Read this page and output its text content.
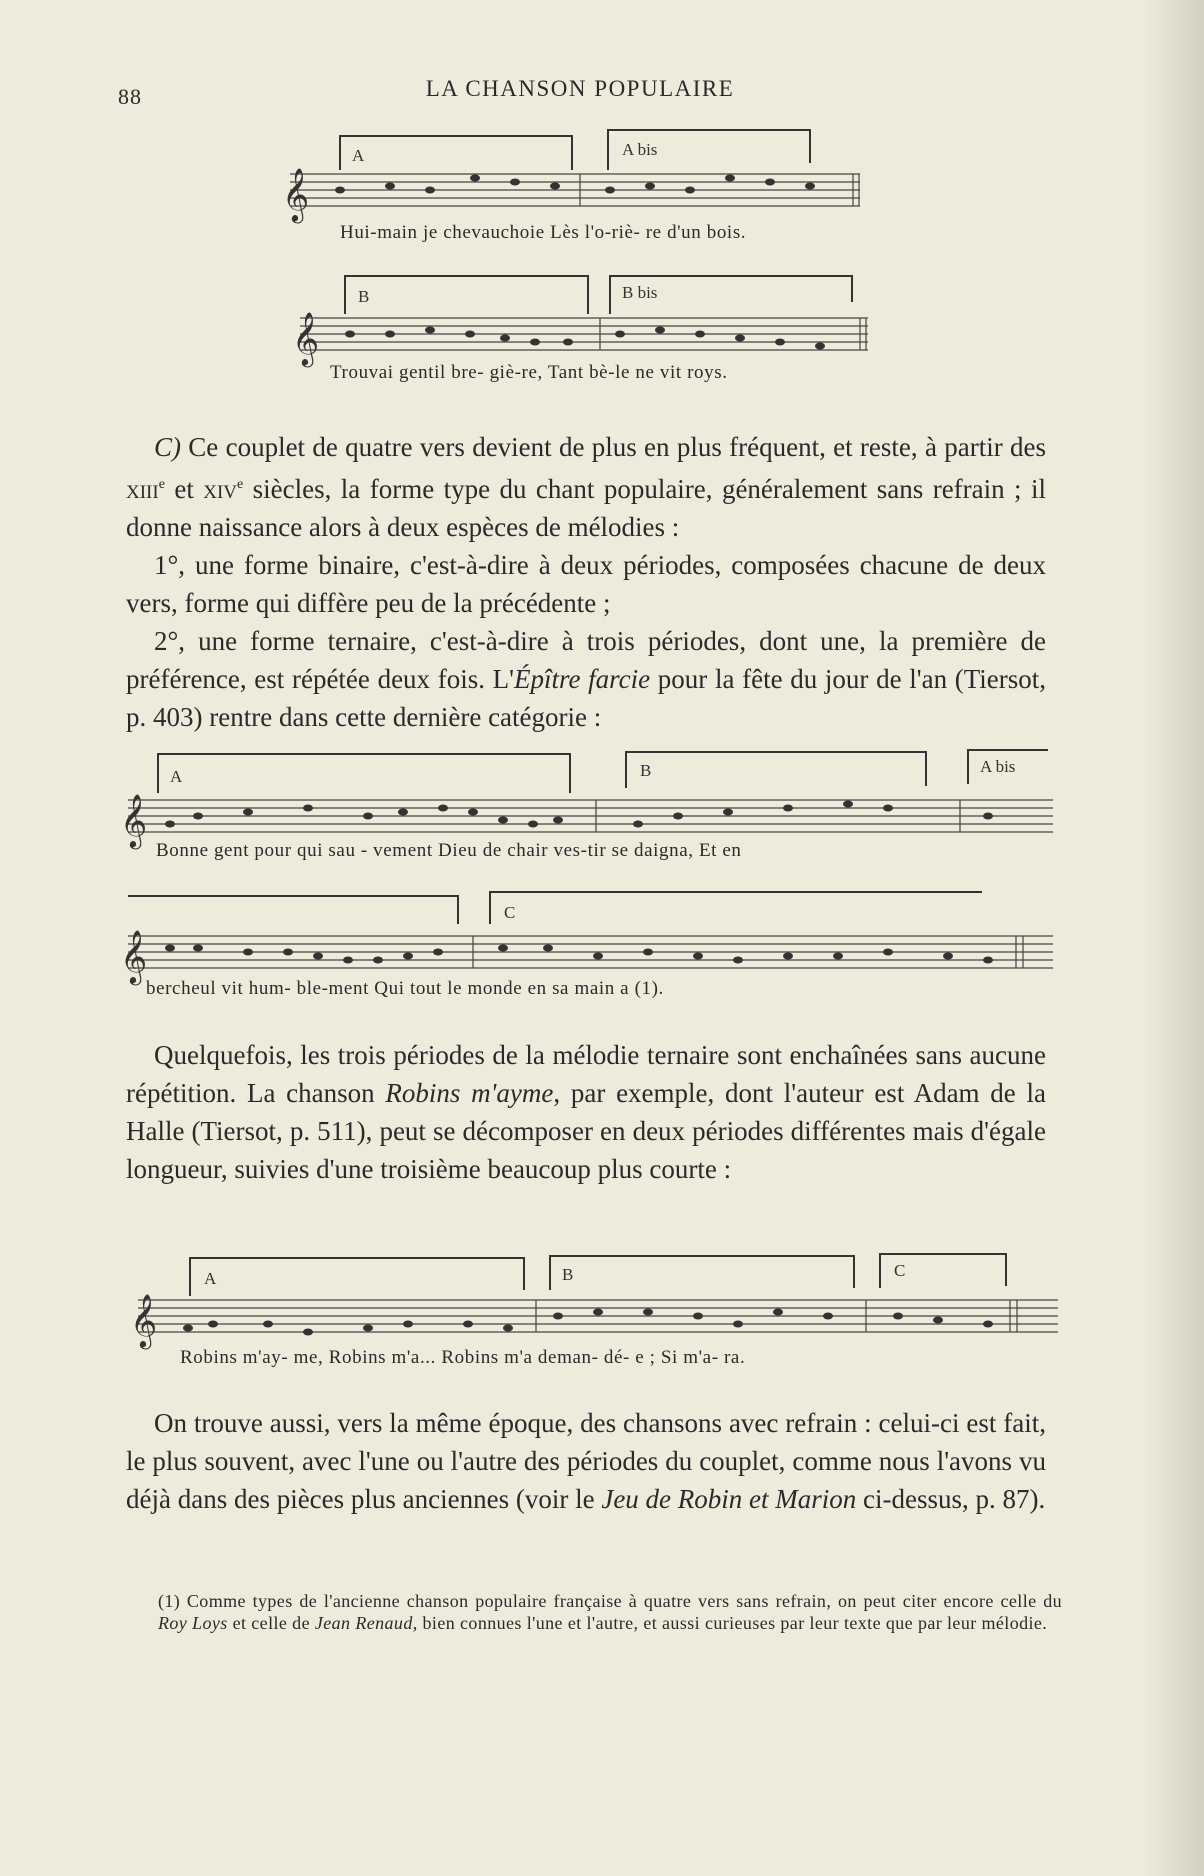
88	LA CHANSON POPULAIRE
A	A bis
𝄞
Hui-main je chevauchoie Lès l'o-riè- re d'un bois.
B	B bis
𝄞
Trouvai gentil bre- giè-re, Tant bè-le ne vit roys.

C) Ce couplet de quatre vers devient de plus en plus fréquent, et reste, à partir des xiii$^e$ et xiv$^e$ siècles, la forme type du chant populaire, généralement sans refrain ; il donne naissance alors à deux espèces de mélodies :

1°, une forme binaire, c'est-à-dire à deux périodes, composées chacune de deux vers, forme qui diffère peu de la précédente ;

2°, une forme ternaire, c'est-à-dire à trois périodes, dont une, la première de préférence, est répétée deux fois. L'Épître farcie pour la fête du jour de l'an (Tiersot, p. 403) rentre dans cette dernière catégorie :

A	B	A bis
𝄞
Bonne gent pour qui sau - vement Dieu de chair ves-tir se daigna, Et en
C
𝄞
bercheul vit hum- ble-ment Qui tout le monde en sa main a (1).

Quelquefois, les trois périodes de la mélodie ternaire sont enchaînées sans aucune répétition. La chanson Robins m'ayme, par exemple, dont l'auteur est Adam de la Halle (Tiersot, p. 511), peut se décomposer en deux périodes différentes mais d'égale longueur, suivies d'une troisième beaucoup plus courte :

A	B	C
𝄞
Robins m'ay- me, Robins m'a... Robins m'a deman- dé- e ; Si m'a- ra.

On trouve aussi, vers la même époque, des chansons avec refrain : celui-ci est fait, le plus souvent, avec l'une ou l'autre des périodes du couplet, comme nous l'avons vu déjà dans des pièces plus anciennes (voir le Jeu de Robin et Marion ci-dessus, p. 87).

(1) Comme types de l'ancienne chanson populaire française à quatre vers sans refrain, on peut citer encore celle du Roy Loys et celle de Jean Renaud, bien connues l'une et l'autre, et aussi curieuses par leur texte que par leur mélodie.
